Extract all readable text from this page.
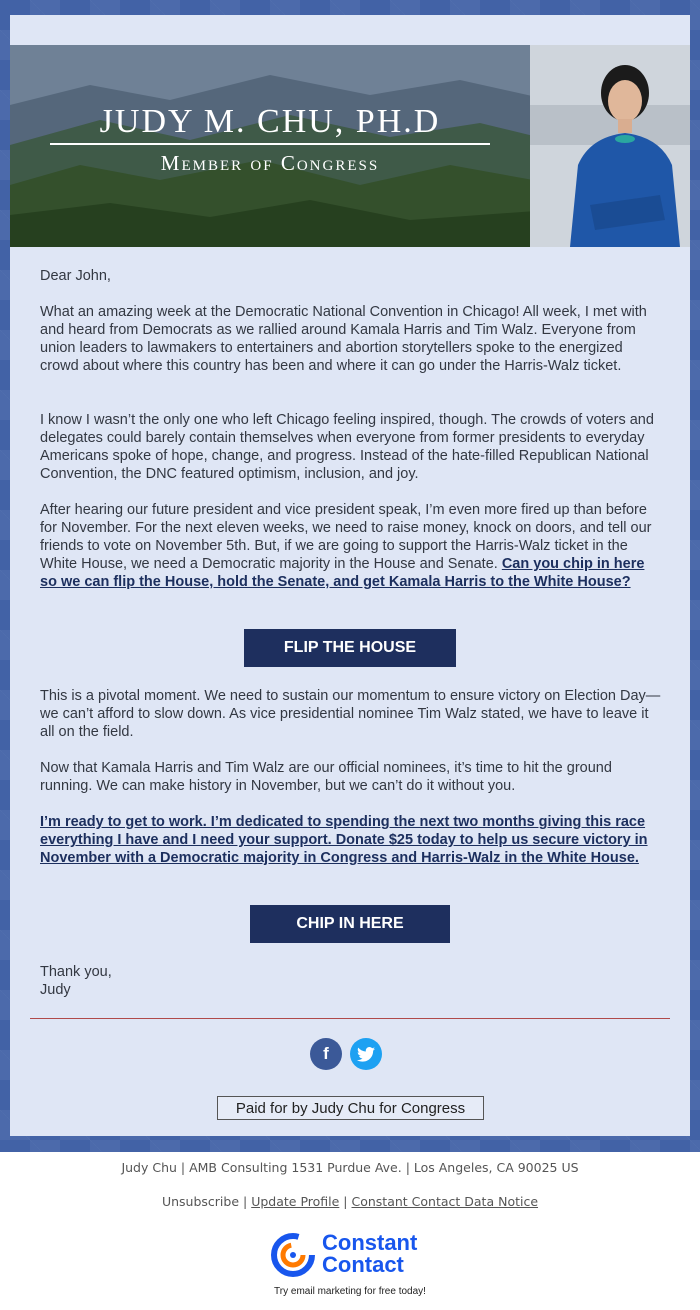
JUDY M. CHU, PH.D
Member of Congress
Dear John,
What an amazing week at the Democratic National Convention in Chicago! All week, I met with and heard from Democrats as we rallied around Kamala Harris and Tim Walz. Everyone from union leaders to lawmakers to entertainers and abortion storytellers spoke to the energized crowd about where this country has been and where it can go under the Harris-Walz ticket.
I know I wasn’t the only one who left Chicago feeling inspired, though. The crowds of voters and delegates could barely contain themselves when everyone from former presidents to everyday Americans spoke of hope, change, and progress. Instead of the hate-filled Republican National Convention, the DNC featured optimism, inclusion, and joy.
After hearing our future president and vice president speak, I’m even more fired up than before for November. For the next eleven weeks, we need to raise money, knock on doors, and tell our friends to vote on November 5th. But, if we are going to support the Harris-Walz ticket in the White House, we need a Democratic majority in the House and Senate. Can you chip in here so we can flip the House, hold the Senate, and get Kamala Harris to the White House?
FLIP THE HOUSE
This is a pivotal moment. We need to sustain our momentum to ensure victory on Election Day—we can’t afford to slow down. As vice presidential nominee Tim Walz stated, we have to leave it all on the field.
Now that Kamala Harris and Tim Walz are our official nominees, it’s time to hit the ground running. We can make history in November, but we can’t do it without you.
I’m ready to get to work. I’m dedicated to spending the next two months giving this race everything I have and I need your support. Donate $25 today to help us secure victory in November with a Democratic majority in Congress and Harris-Walz in the White House.
CHIP IN HERE
Thank you,
Judy
f
Paid for by Judy Chu for Congress
Judy Chu | AMB Consulting 1531 Purdue Ave. | Los Angeles, CA 90025 US
Unsubscribe | Update Profile | Constant Contact Data Notice
Constant
Contact
Try email marketing for free today!
